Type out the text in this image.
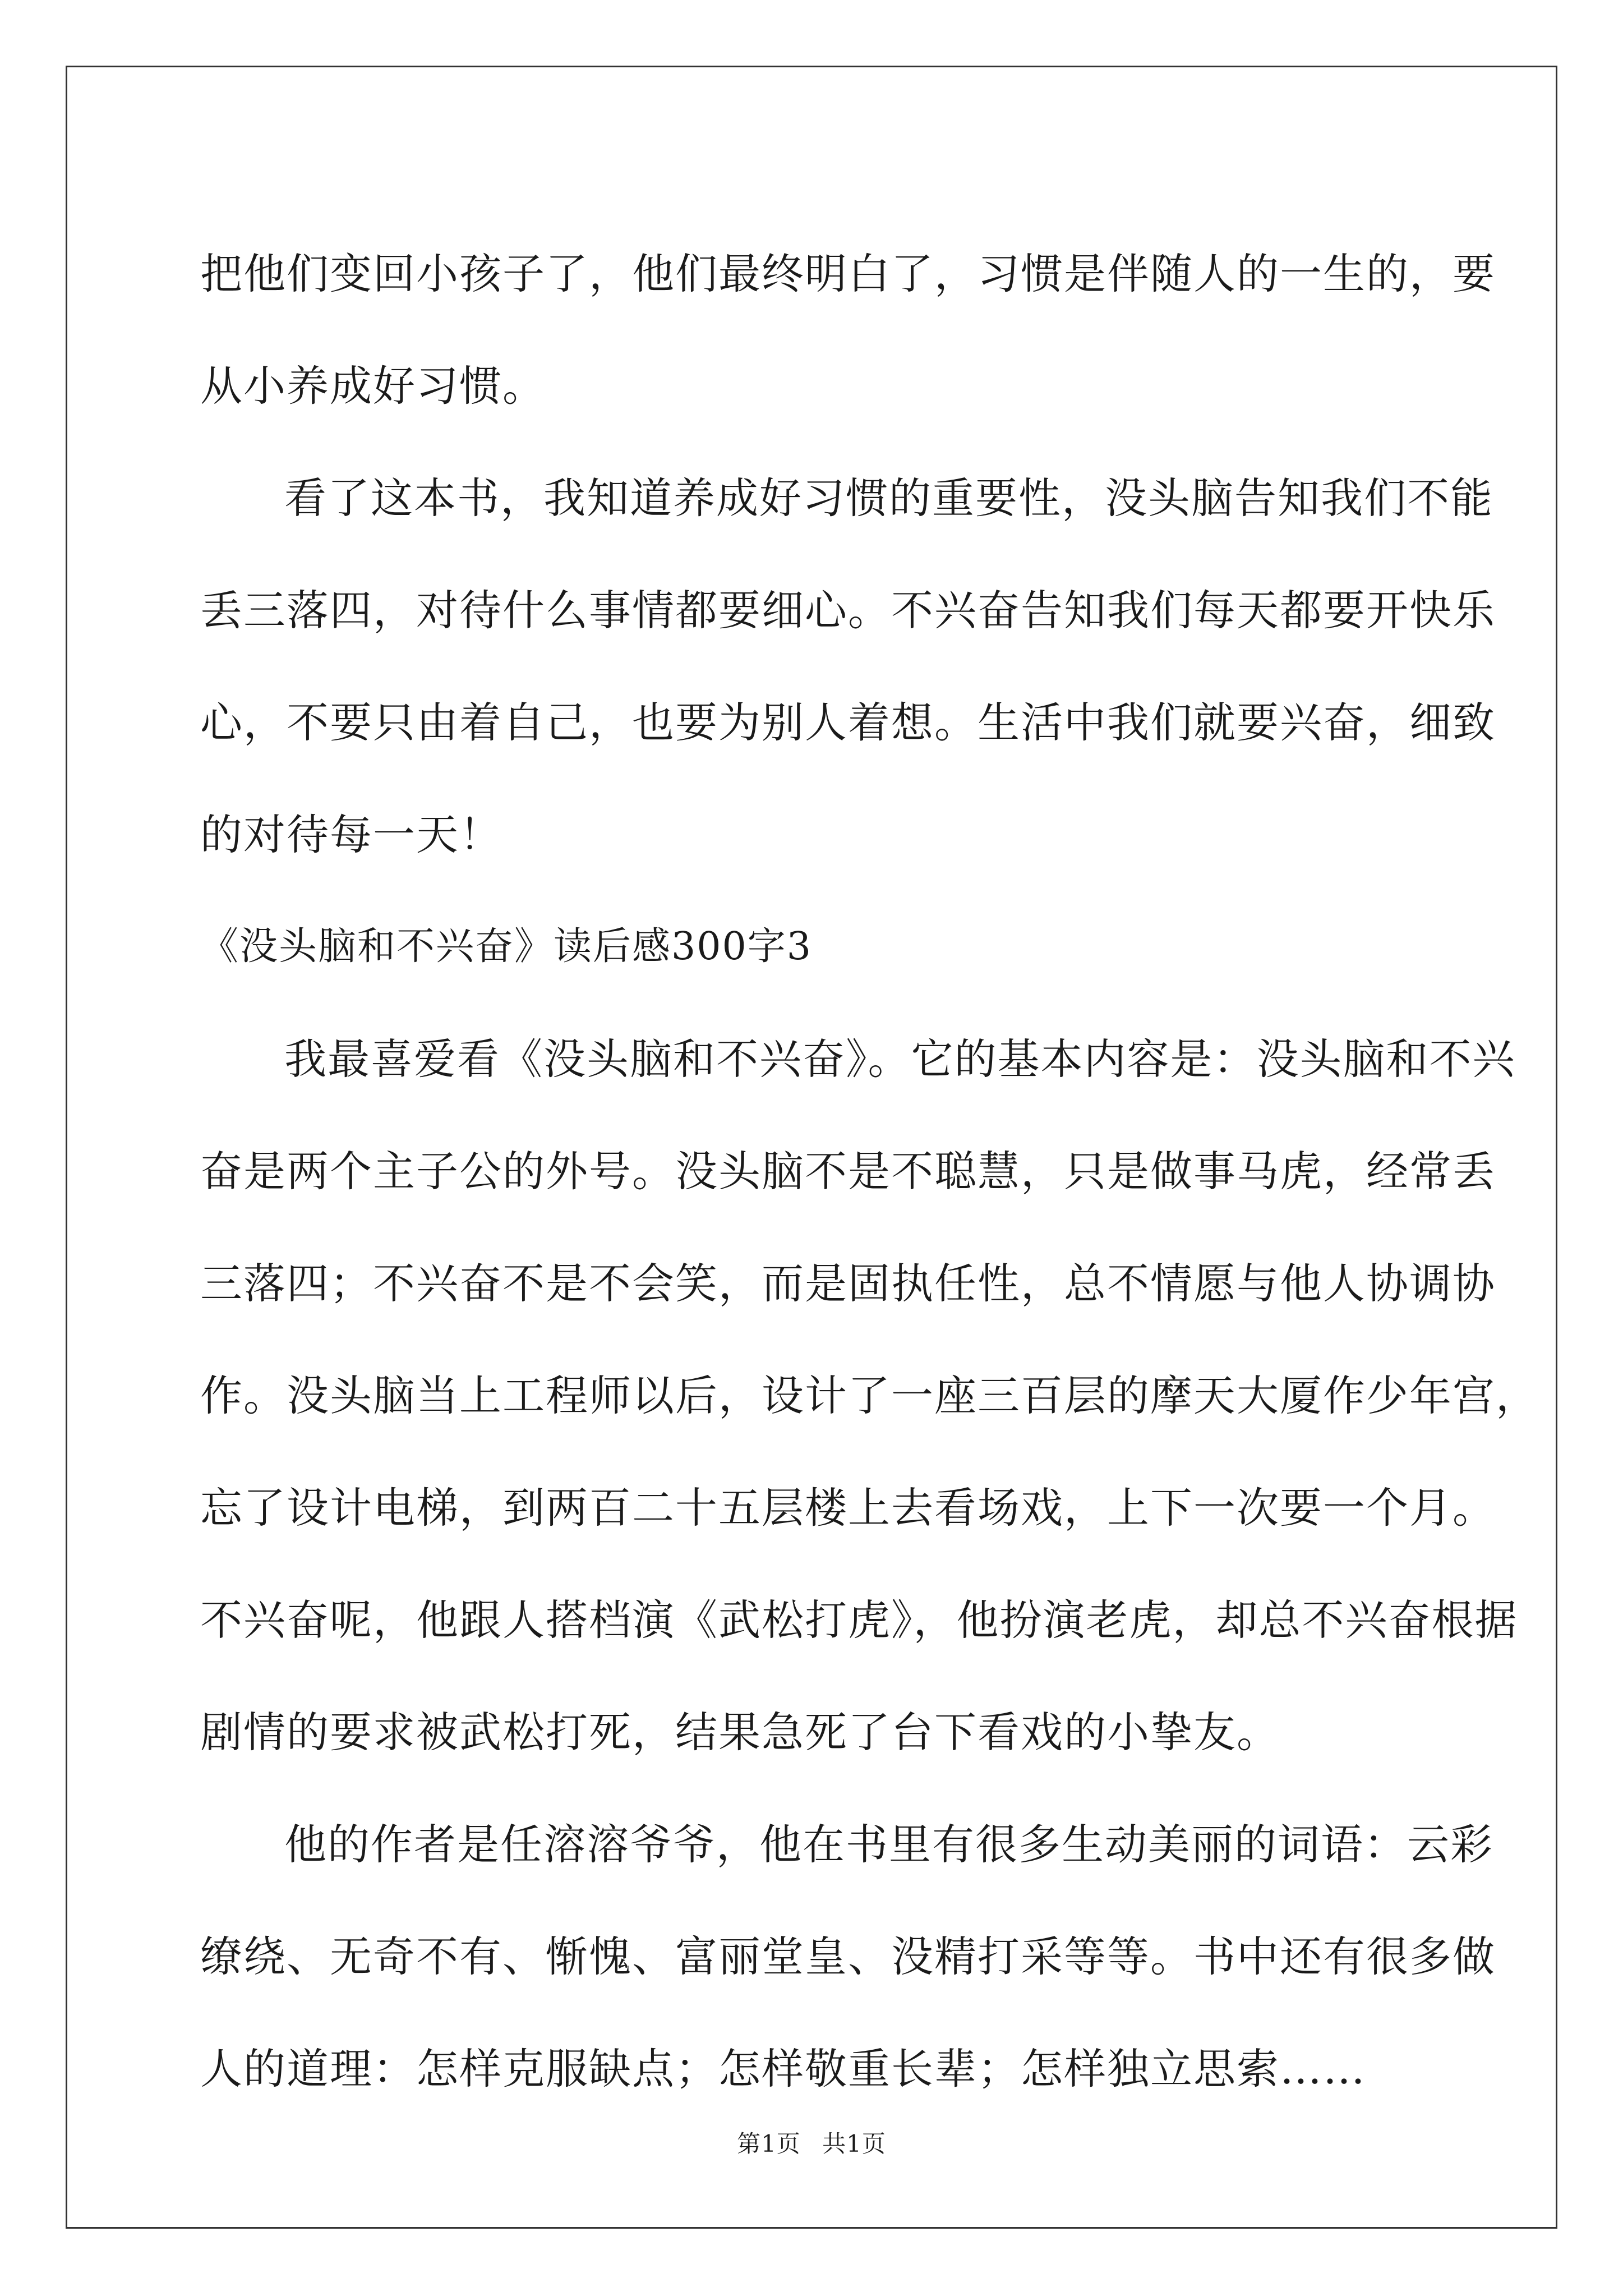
把他们变回小孩子了，他们最终明白了，习惯是伴随人的一生的，要
从小养成好习惯。
看了这本书，我知道养成好习惯的重要性，没头脑告知我们不能
丢三落四，对待什么事情都要细心。不兴奋告知我们每天都要开快乐
心，不要只由着自己，也要为别人着想。生活中我们就要兴奋，细致
的对待每一天！
《没头脑和不兴奋》读后感300字3
我最喜爱看《没头脑和不兴奋》。它的基本内容是：没头脑和不兴
奋是两个主子公的外号。没头脑不是不聪慧，只是做事马虎，经常丢
三落四；不兴奋不是不会笑，而是固执任性，总不情愿与他人协调协
作。没头脑当上工程师以后，设计了一座三百层的摩天大厦作少年宫，
忘了设计电梯，到两百二十五层楼上去看场戏，上下一次要一个月。
不兴奋呢，他跟人搭档演《武松打虎》，他扮演老虎，却总不兴奋根据
剧情的要求被武松打死，结果急死了台下看戏的小挚友。
他的作者是任溶溶爷爷，他在书里有很多生动美丽的词语：云彩
缭绕、无奇不有、惭愧、富丽堂皇、没精打采等等。书中还有很多做
人的道理：怎样克服缺点；怎样敬重长辈；怎样独立思索……
第1页 共1页
